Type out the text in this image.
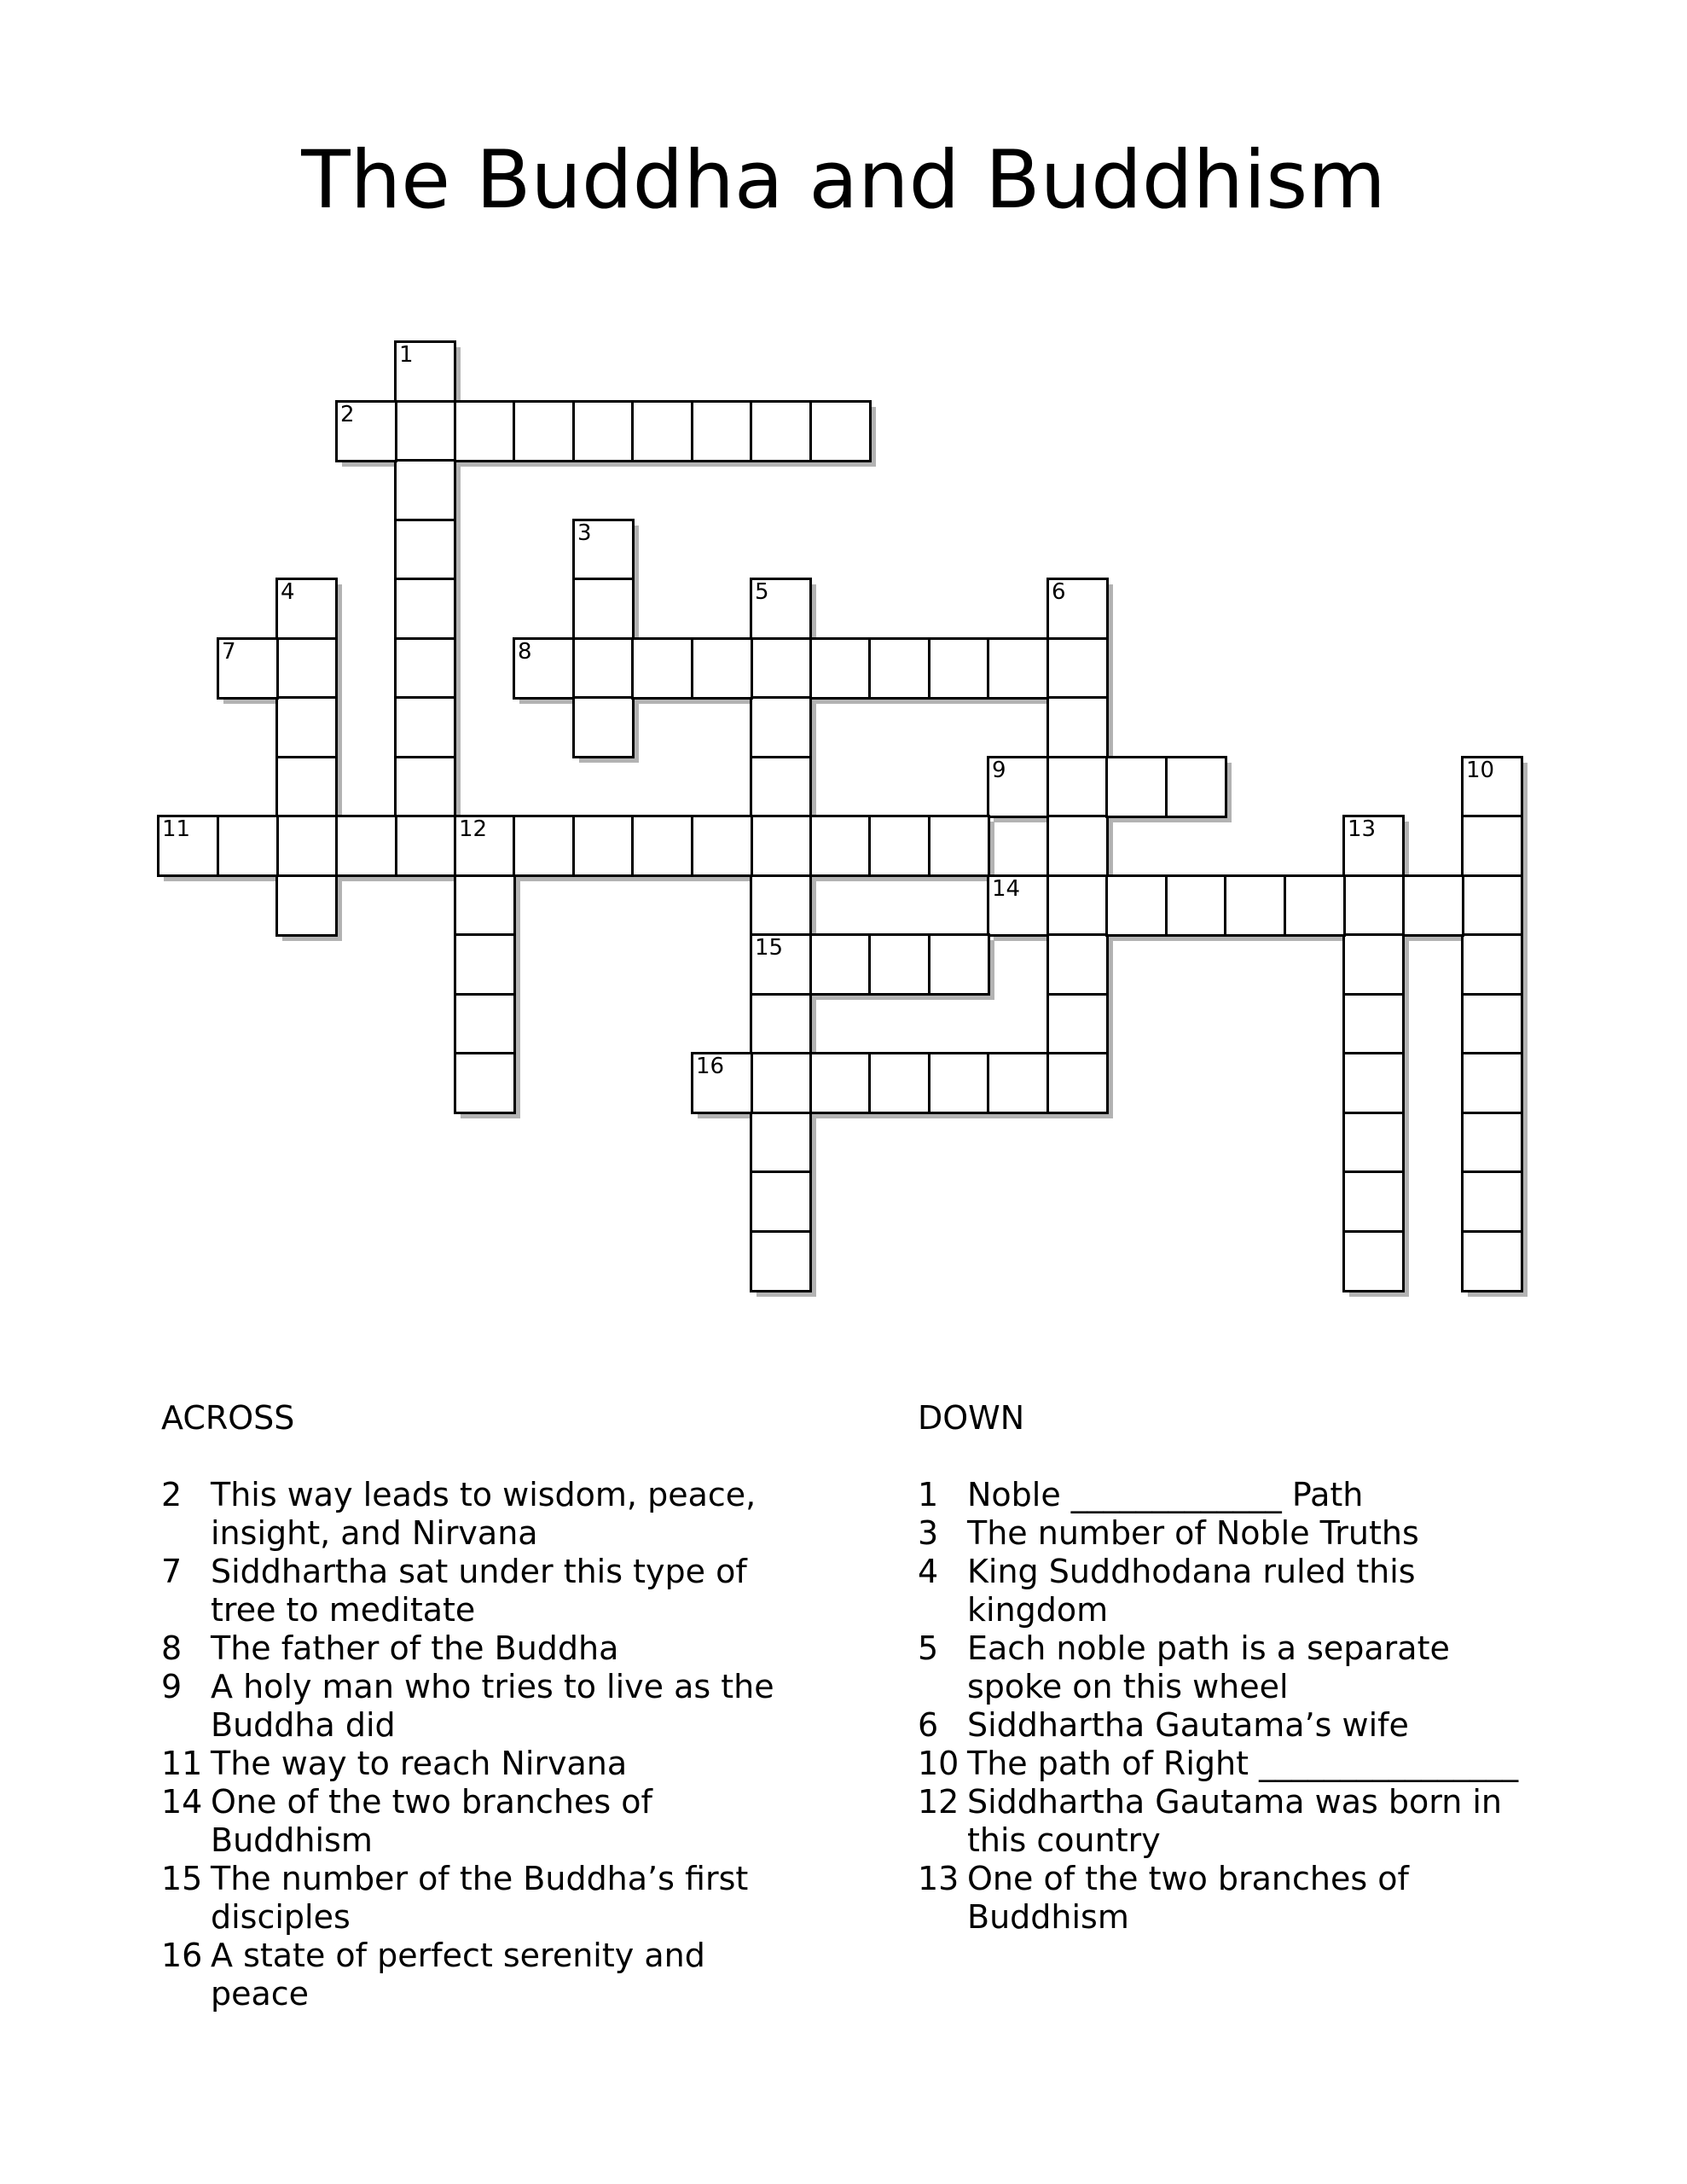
The Buddha and Buddhism
1
2
3
4	5
15
6
7	8
9	10
11	12	13
14
16
ACROSS
2 This way leads to wisdom, peace, insight, and Nirvana
7 Siddhartha sat under this type of tree to meditate
8 The father of the Buddha
9 A holy man who tries to live as the Buddha did
11 The way to reach Nirvana
14 One of the two branches of Buddhism
15 The number of the Buddha’s first disciples
16 A state of perfect serenity and peace
DOWN
1 Noble _____________ Path
3 The number of Noble Truths
4 King Suddhodana ruled this kingdom
5 Each noble path is a separate spoke on this wheel
6 Siddhartha Gautama’s wife
10 The path of Right ________________
12 Siddhartha Gautama was born in this country
13 One of the two branches of Buddhism
